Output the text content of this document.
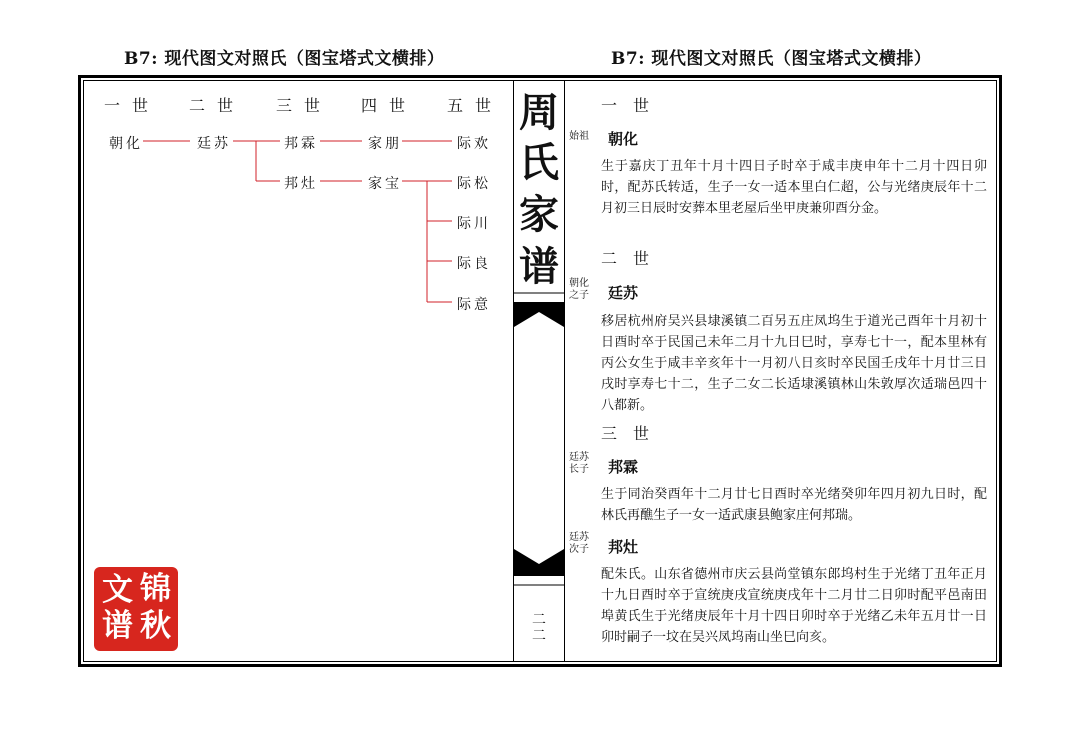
B7: 现代图文对照氏（图宝塔式文横排）	B7: 现代图文对照氏（图宝塔式文横排）
一世 二世 三世 四世 五世
朝化	廷苏	邦霖
邦灶
家朋
家宝
际欢
际松
际川
际良
际意
文 锦
秋
谱
周
氏
家
谱
二
二
一世
始祖	朝化
生于嘉庆丁丑年十月十四日子时卒于咸丰庚申年十二月十四日卯时，配苏氏转适，生子一女一适本里白仁超，公与光绪庚辰年十二月初三日辰时安葬本里老屋后坐甲庚兼卯酉分金。
二世
朝化
之子	廷苏
移居杭州府吴兴县埭溪镇二百另五庄凤坞生于道光己酉年十月初十日酉时卒于民国己未年二月十九日巳时，享寿七十一，配本里林有丙公女生于咸丰辛亥年十一月初八日亥时卒民国壬戌年十月廿三日戌时享寿七十二，生子二女二长适埭溪镇林山朱敦厚次适瑞邑四十八都新。
三世
廷苏
长子	邦霖
生于同治癸酉年十二月廿七日酉时卒光绪癸卯年四月初九日时，配林氏再醮生子一女一适武康县鲍家庄何邦瑞。
廷苏
次子	邦灶
配朱氏。山东省德州市庆云县尚堂镇东郎坞村生于光绪丁丑年正月十九日酉时卒于宣统庚戌宣统庚戌年十二月廿二日卯时配平邑南田埠黄氏生于光绪庚辰年十月十四日卯时卒于光绪乙未年五月廿一日卯时嗣子一坟在吴兴凤坞南山坐巳向亥。
